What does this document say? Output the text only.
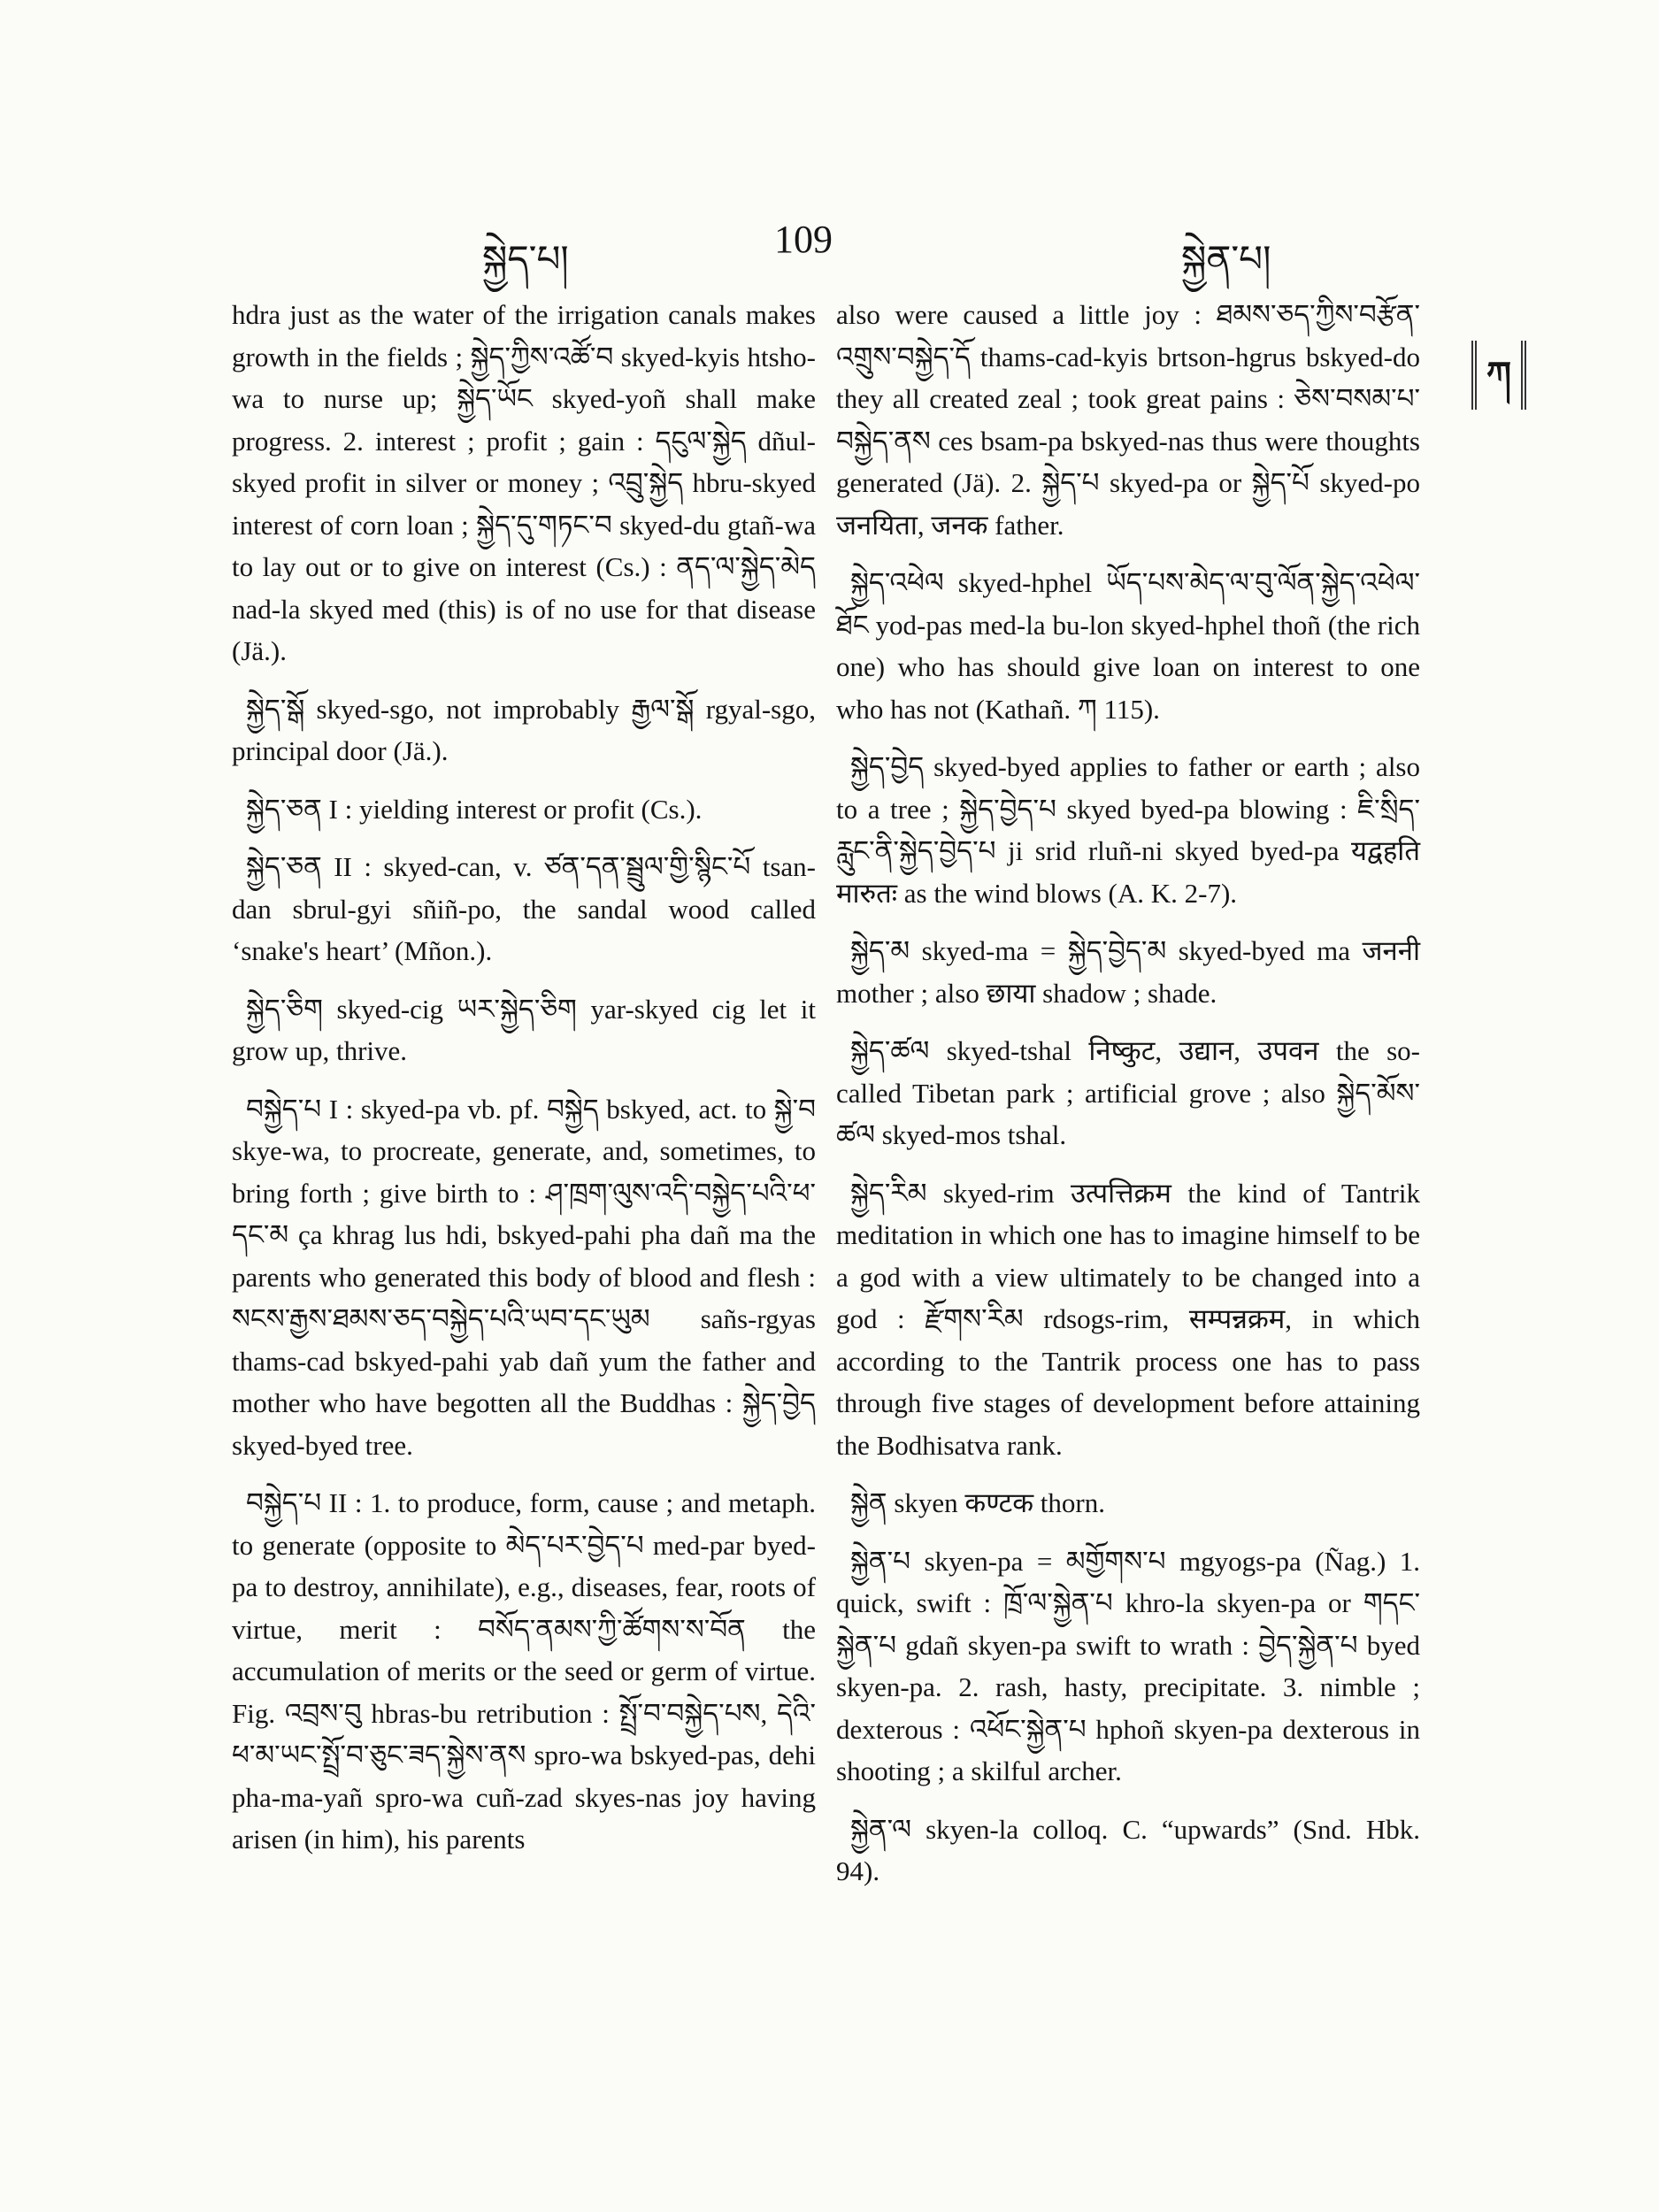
སྐྱེད་པ།	109	སྐྱེན་པ།
ཀ

hdra just as the water of the irrigation canals makes growth in the fields ; སྐྱེད་ཀྱིས་འཚོ་བ skyed-kyis htsho-wa to nurse up; སྐྱེད་ཡོང skyed-yoñ shall make progress. 2. interest ; profit ; gain : དངུལ་སྐྱེད dñul-skyed profit in silver or money ; འབྲུ་སྐྱེད hbru-skyed interest of corn loan ; སྐྱེད་དུ་གཏང་བ skyed-du gtañ-wa to lay out or to give on interest (Cs.) : ནད་ལ་སྐྱེད་མེད nad-la skyed med (this) is of no use for that disease (Jä.).

སྐྱེད་སྒོ skyed-sgo, not improbably རྒྱལ་སྒོ rgyal-sgo, principal door (Jä.).

སྐྱེད་ཅན I : yielding interest or profit (Cs.).

སྐྱེད་ཅན II : skyed-can, v. ཙན་དན་སྦྲུལ་གྱི་སྙིང་པོ tsan-dan sbrul-gyi sñiñ-po, the sandal wood called ‘snake's heart’ (Mñon.).

སྐྱེད་ཅིག skyed-cig ཡར་སྐྱེད་ཅིག yar-skyed cig let it grow up, thrive.

བསྐྱེད་པ I : skyed-pa vb. pf. བསྐྱེད bskyed, act. to སྐྱེ་བ skye-wa, to procreate, generate, and, sometimes, to bring forth ; give birth to : ཤ་ཁྲག་ལུས་འདི་བསྐྱེད་པའི་ཕ་དང་མ ça khrag lus hdi, bskyed-pahi pha dañ ma the parents who generated this body of blood and flesh : སངས་རྒྱས་ཐམས་ཅད་བསྐྱེད་པའི་ཡབ་དང་ཡུམ sañs-rgyas thams-cad bskyed-pahi yab dañ yum the father and mother who have begotten all the Buddhas : སྐྱེད་བྱེད skyed-byed tree.

བསྐྱེད་པ II : 1. to produce, form, cause ; and metaph. to generate (opposite to མེད་པར་བྱེད་པ med-par byed-pa to destroy, annihilate), e.g., diseases, fear, roots of virtue, merit : བསོད་ནམས་ཀྱི་ཚོགས་ས་བོན the accumulation of merits or the seed or germ of virtue. Fig. འབྲས་བུ hbras-bu retribution : སྤྲོ་བ་བསྐྱེད་པས, དེའི་ཕ་མ་ཡང་སྤྲོ་བ་ཅུང་ཟད་སྐྱེས་ནས spro-wa bskyed-pas, dehi pha-ma-yañ spro-wa cuñ-zad skyes-nas joy having arisen (in him), his parents

also were caused a little joy : ཐམས་ཅད་ཀྱིས་བརྩོན་འགྲུས་བསྐྱེད་དོ thams-cad-kyis brtson-hgrus bskyed-do they all created zeal ; took great pains : ཅེས་བསམ་པ་བསྐྱེད་ནས ces bsam-pa bskyed-nas thus were thoughts generated (Jä). 2. སྐྱེད་པ skyed-pa or སྐྱེད་པོ skyed-po जनयिता, जनक father.

སྐྱེད་འཕེལ skyed-hphel ཡོད་པས་མེད་ལ་བུ་ལོན་སྐྱེད་འཕེལ་ཐོང yod-pas med-la bu-lon skyed-hphel thoñ (the rich one) who has should give loan on interest to one who has not (Kathañ. ཀ 115).

སྐྱེད་བྱེད skyed-byed applies to father or earth ; also to a tree ; སྐྱེད་བྱེད་པ skyed byed-pa blowing : ཇི་སྲིད་རླུང་ནི་སྐྱེད་བྱེད་པ ji srid rluñ-ni skyed byed-pa यद्वहति मारुतः as the wind blows (A. K. 2-7).

སྐྱེད་མ skyed-ma = སྐྱེད་བྱེད་མ skyed-byed ma जननी mother ; also छाया shadow ; shade.

སྐྱེད་ཚལ skyed-tshal निष्कुट, उद्यान, उपवन the so-called Tibetan park ; artificial grove ; also སྐྱེད་མོས་ཚལ skyed-mos tshal.

སྐྱེད་རིམ skyed-rim उत्पत्तिक्रम the kind of Tantrik meditation in which one has to imagine himself to be a god with a view ultimately to be changed into a god : རྫོགས་རིམ rdsogs-rim, सम्पन्नक्रम, in which according to the Tantrik process one has to pass through five stages of development before attaining the Bodhisatva rank.

སྐྱེན skyen कण्टक thorn.

སྐྱེན་པ skyen-pa = མགྱོགས་པ mgyogs-pa (Ñag.) 1. quick, swift : ཁྲོ་ལ་སྐྱེན་པ khro-la skyen-pa or གདང་སྐྱེན་པ gdañ skyen-pa swift to wrath : བྱེད་སྐྱེན་པ byed skyen-pa. 2. rash, hasty, precipitate. 3. nimble ; dexterous : འཕོང་སྐྱེན་པ hphoñ skyen-pa dexterous in shooting ; a skilful archer.

སྐྱེན་ལ skyen-la colloq. C. “upwards” (Snd. Hbk. 94).
